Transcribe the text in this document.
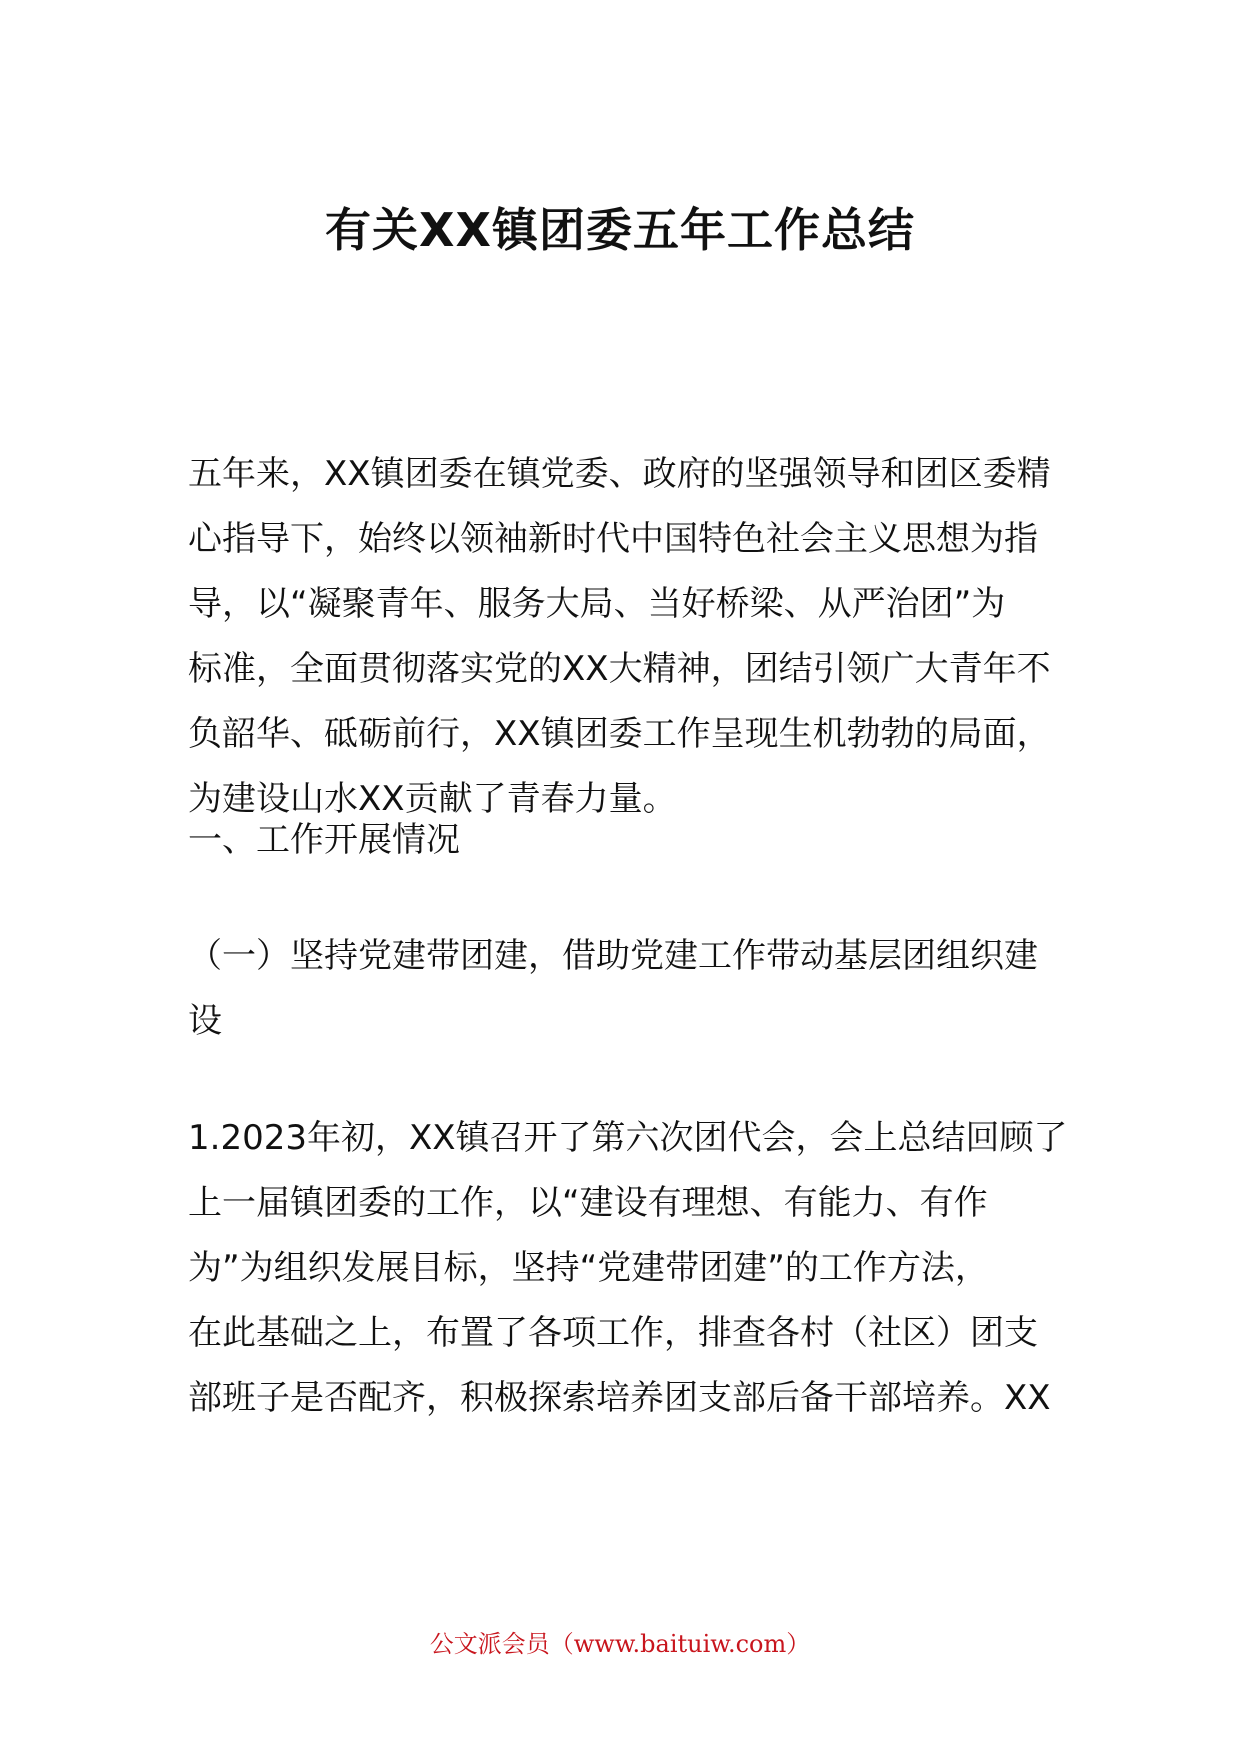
有关XX镇团委五年工作总结
五年来，XX镇团委在镇党委、政府的坚强领导和团区委精
心指导下，始终以领袖新时代中国特色社会主义思想为指
导，以“凝聚青年、服务大局、当好桥梁、从严治团”为
标准，全面贯彻落实党的XX大精神，团结引领广大青年不
负韶华、砥砺前行，XX镇团委工作呈现生机勃勃的局面，
为建设山水XX贡献了青春力量。
一、工作开展情况
（一）坚持党建带团建，借助党建工作带动基层团组织建
设
1.2023年初，XX镇召开了第六次团代会，会上总结回顾了
上一届镇团委的工作，以“建设有理想、有能力、有作
为”为组织发展目标，坚持“党建带团建”的工作方法，
在此基础之上，布置了各项工作，排查各村（社区）团支
部班子是否配齐，积极探索培养团支部后备干部培养。XX
公文派会员（www.baituiw.com）
